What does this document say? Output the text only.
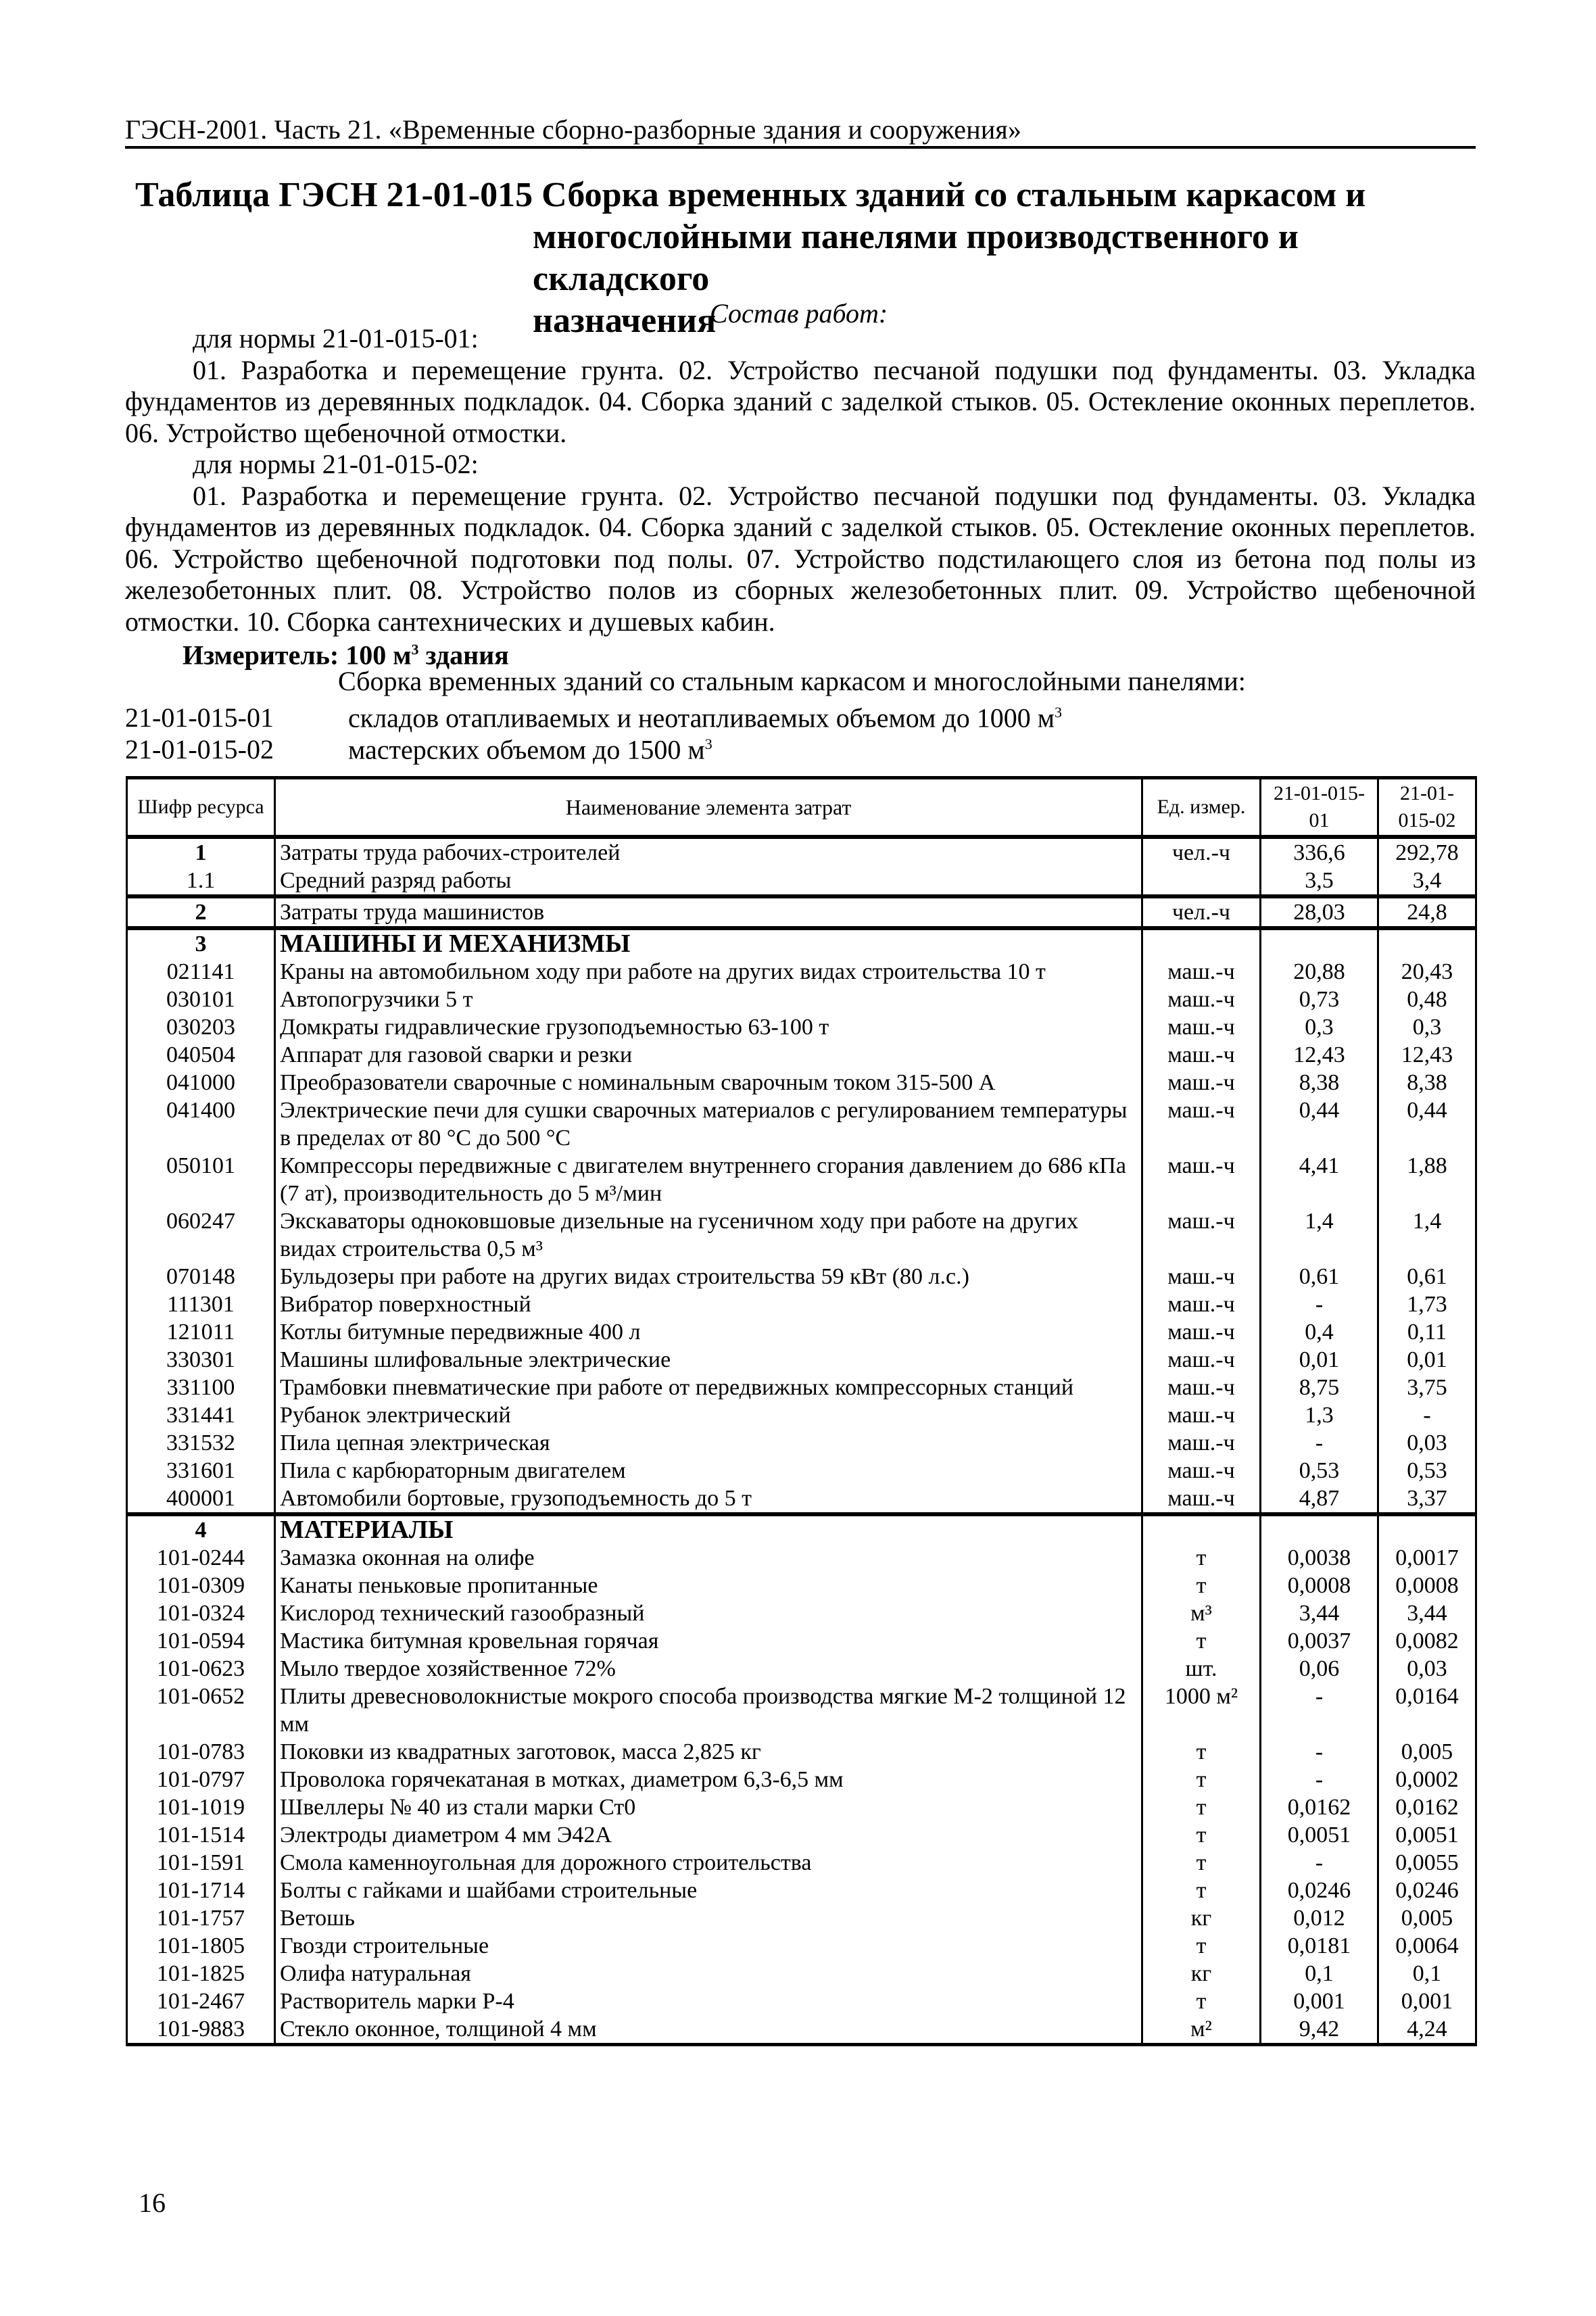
ГЭСН-2001. Часть 21. «Временные сборно-разборные здания и сооружения»
Таблица ГЭСН 21-01-015 Сборка временных зданий со стальным каркасом и
многослойными панелями производственного и складского
назначения
Состав работ:

для нормы 21-01-015-01:

01. Разработка и перемещение грунта. 02. Устройство песчаной подушки под фундаменты. 03. Укладка фундаментов из деревянных подкладок. 04. Сборка зданий с заделкой стыков. 05. Остекление оконных переплетов. 06. Устройство щебеночной отмостки.

для нормы 21-01-015-02:

01. Разработка и перемещение грунта. 02. Устройство песчаной подушки под фундаменты. 03. Укладка фундаментов из деревянных подкладок. 04. Сборка зданий с заделкой стыков. 05. Остекление оконных переплетов. 06. Устройство щебеночной подготовки под полы. 07. Устройство подстилающего слоя из бетона под полы из железобетонных плит. 08. Устройство полов из сборных железобетонных плит. 09. Устройство щебеночной отмостки. 10. Сборка сантехнических и душевых кабин.

Измеритель: 100 $м^3$ здания
Сборка временных зданий со стальным каркасом и многослойными панелями:
21-01-015-01	складов отапливаемых и неотапливаемых объемом до 1000 $м^3$
21-01-015-02	мастерских объемом до 1500 $м^3$
Шифр ресурса	Наименование элемента затрат	Ед. измер.	21-01-015-01	21-01-015-02
1	Затраты труда рабочих-строителей	чел.-ч	336,6	292,78
1.1	Средний разряд работы		3,5	3,4
2	Затраты труда машинистов	чел.-ч	28,03	24,8
3	МАШИНЫ И МЕХАНИЗМЫ			
021141	Краны на автомобильном ходу при работе на других видах строительства 10 т	маш.-ч	20,88	20,43
030101	Автопогрузчики 5 т	маш.-ч	0,73	0,48
030203	Домкраты гидравлические грузоподъемностью 63-100 т	маш.-ч	0,3	0,3
040504	Аппарат для газовой сварки и резки	маш.-ч	12,43	12,43
041000	Преобразователи сварочные с номинальным сварочным током 315-500 А	маш.-ч	8,38	8,38
041400	Электрические печи для сушки сварочных материалов с регулированием температуры в пределах от 80 °С до 500 °С	маш.-ч	0,44	0,44
050101	Компрессоры передвижные с двигателем внутреннего сгорания давлением до 686 кПа (7 ат), производительность до 5 м³/мин	маш.-ч	4,41	1,88
060247	Экскаваторы одноковшовые дизельные на гусеничном ходу при работе на других видах строительства 0,5 м³	маш.-ч	1,4	1,4
070148	Бульдозеры при работе на других видах строительства 59 кВт (80 л.с.)	маш.-ч	0,61	0,61
111301	Вибратор поверхностный	маш.-ч	-	1,73
121011	Котлы битумные передвижные 400 л	маш.-ч	0,4	0,11
330301	Машины шлифовальные электрические	маш.-ч	0,01	0,01
331100	Трамбовки пневматические при работе от передвижных компрессорных станций	маш.-ч	8,75	3,75
331441	Рубанок электрический	маш.-ч	1,3	-
331532	Пила цепная электрическая	маш.-ч	-	0,03
331601	Пила с карбюраторным двигателем	маш.-ч	0,53	0,53
400001	Автомобили бортовые, грузоподъемность до 5 т	маш.-ч	4,87	3,37
4	МАТЕРИАЛЫ			
101-0244	Замазка оконная на олифе	т	0,0038	0,0017
101-0309	Канаты пеньковые пропитанные	т	0,0008	0,0008
101-0324	Кислород технический газообразный	м³	3,44	3,44
101-0594	Мастика битумная кровельная горячая	т	0,0037	0,0082
101-0623	Мыло твердое хозяйственное 72%	шт.	0,06	0,03
101-0652	Плиты древесноволокнистые мокрого способа производства мягкие М-2 толщиной 12 мм	1000 м²	-	0,0164
101-0783	Поковки из квадратных заготовок, масса 2,825 кг	т	-	0,005
101-0797	Проволока горячекатаная в мотках, диаметром 6,3-6,5 мм	т	-	0,0002
101-1019	Швеллеры № 40 из стали марки Ст0	т	0,0162	0,0162
101-1514	Электроды диаметром 4 мм Э42А	т	0,0051	0,0051
101-1591	Смола каменноугольная для дорожного строительства	т	-	0,0055
101-1714	Болты с гайками и шайбами строительные	т	0,0246	0,0246
101-1757	Ветошь	кг	0,012	0,005
101-1805	Гвозди строительные	т	0,0181	0,0064
101-1825	Олифа натуральная	кг	0,1	0,1
101-2467	Растворитель марки Р-4	т	0,001	0,001
101-9883	Стекло оконное, толщиной 4 мм	м²	9,42	4,24
16
